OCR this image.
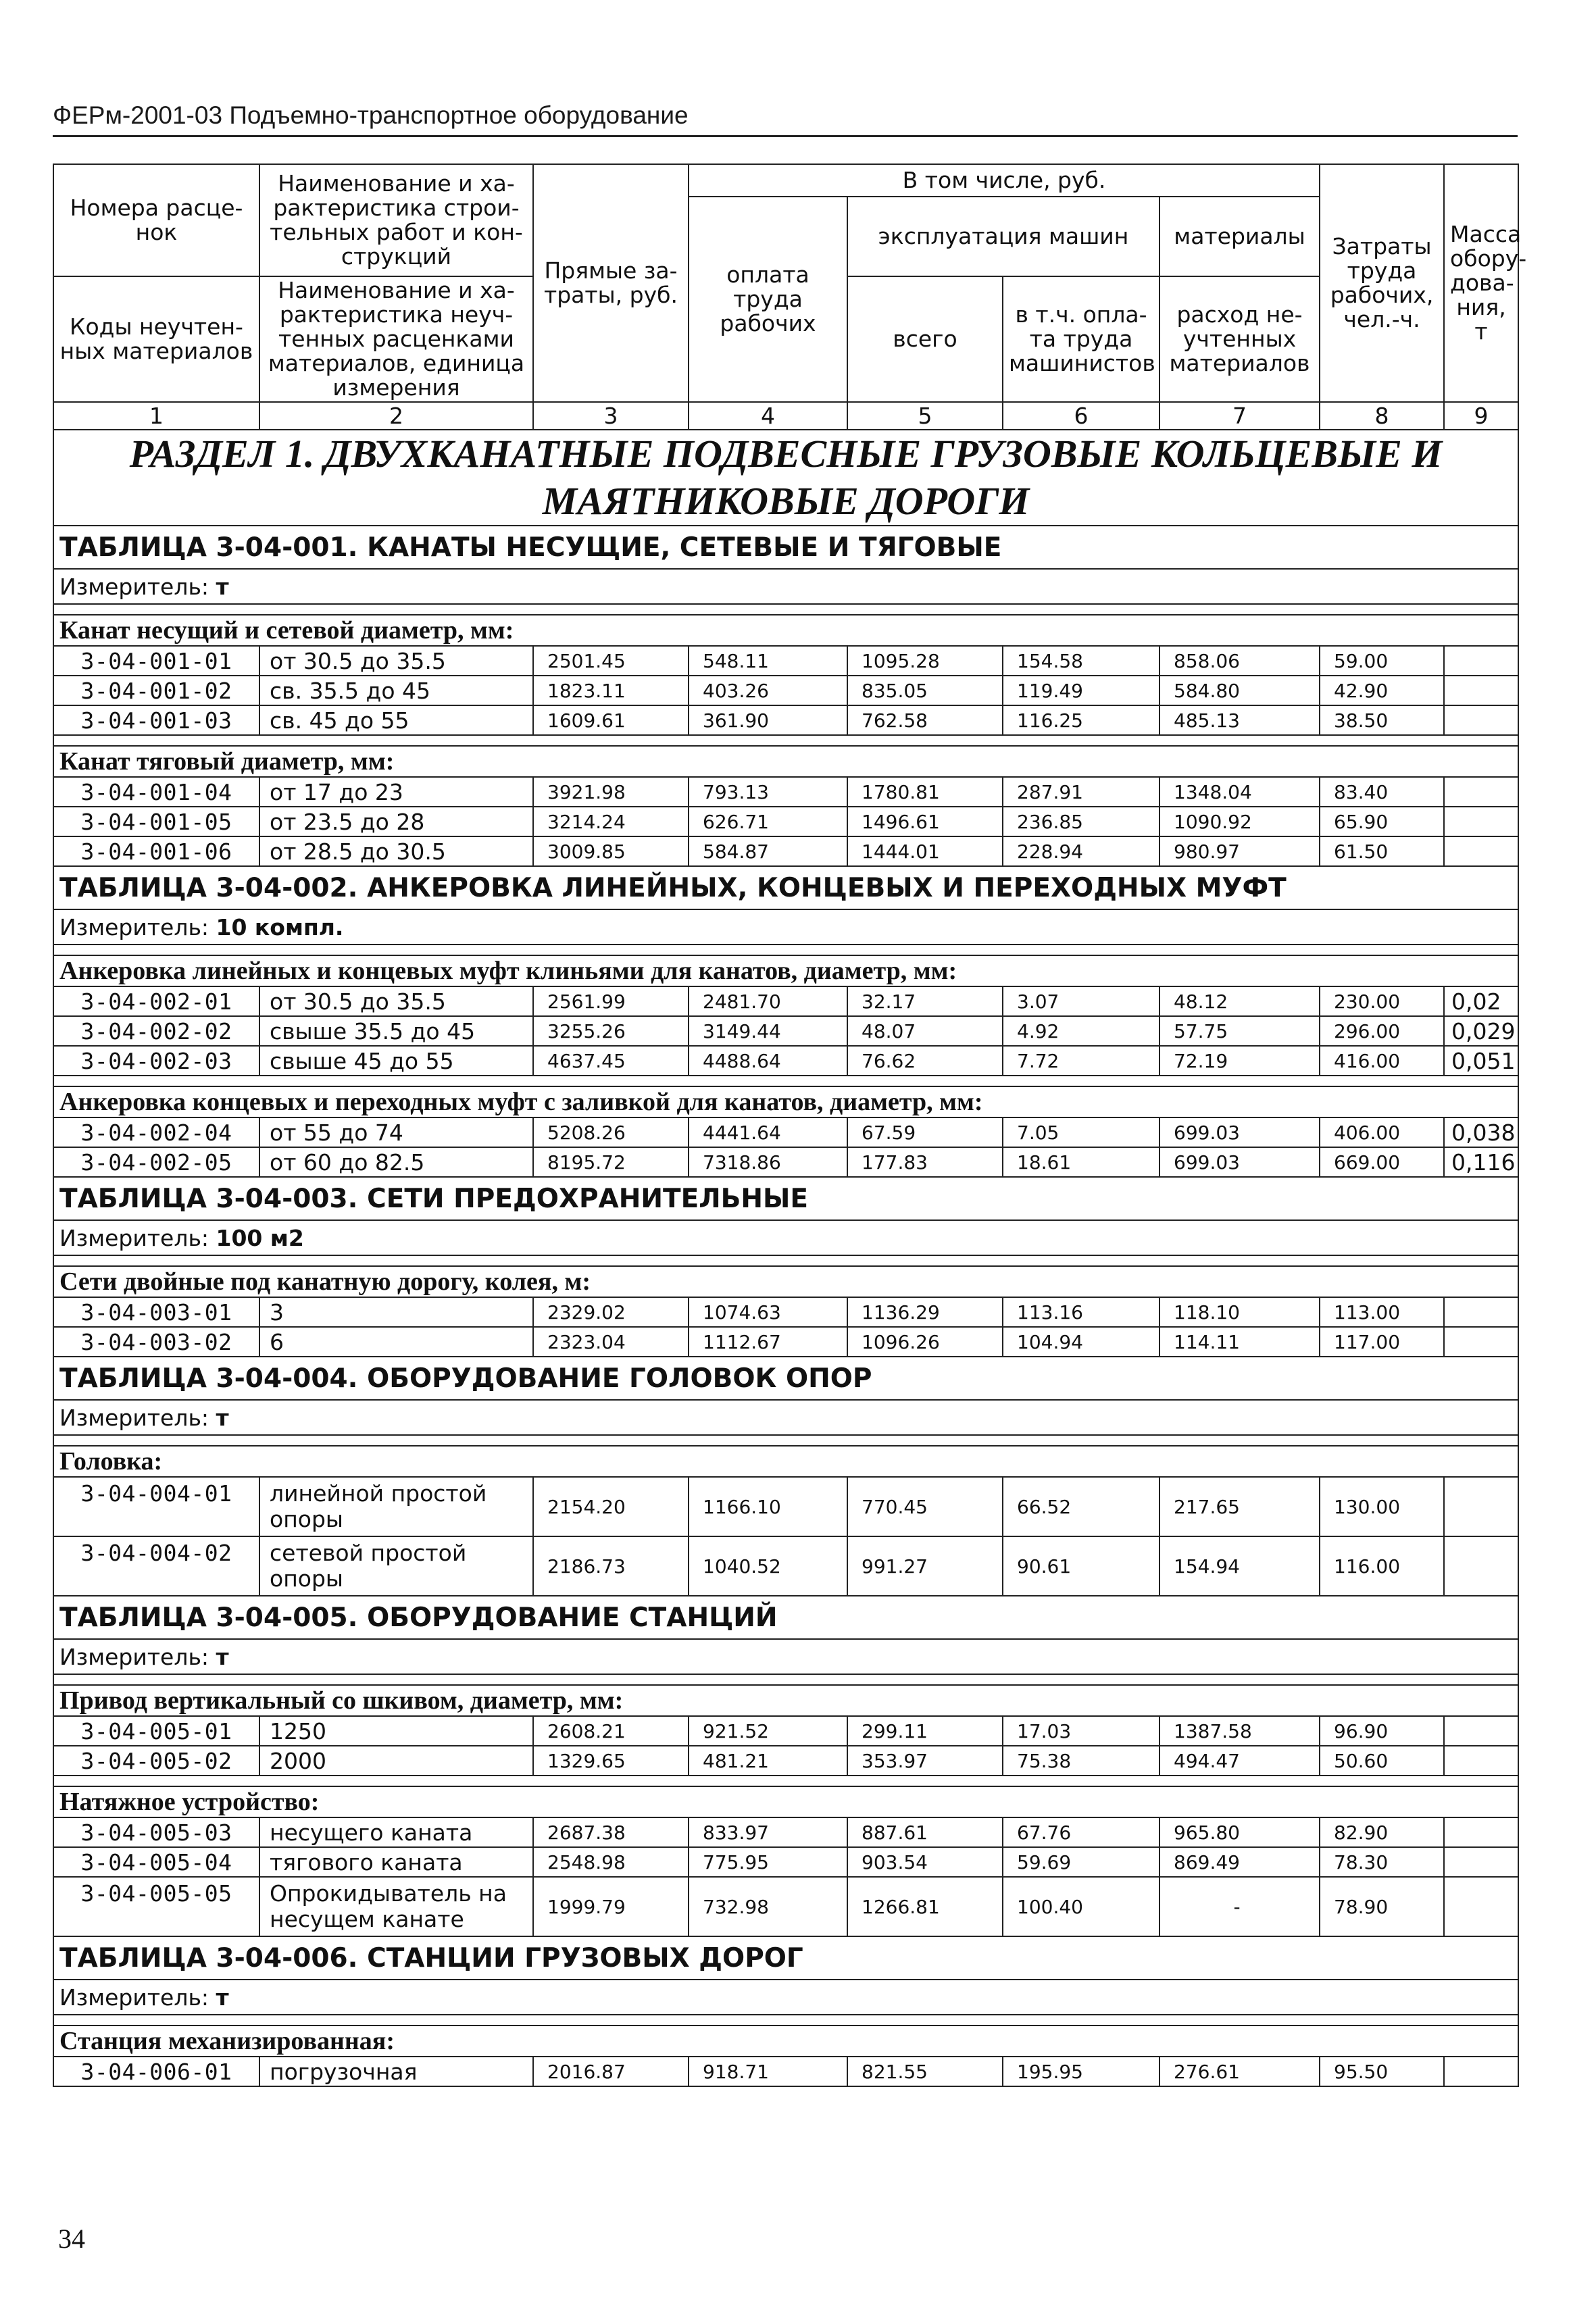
ФЕРм-2001-03 Подъемно-транспортное оборудование
Номера расце-нок	Наименование и ха-рактеристика строи-тельных работ и кон-струкций	Прямые за-траты, руб.	В том числе, руб.				Затраты труда рабочих, чел.-ч.	Масса обору-дова-ния, т
			оплата труда рабочих	эксплуатация машин		материалы		
Коды неучтен-ных материалов	Наименование и ха-рактеристика неуч-тенных расценками материалов, единица измерения			всего	в т.ч. опла-та труда машинистов	расход не-учтенных материалов		

1	2	3	4	5	6	7	8	9
РАЗДЕЛ 1. ДВУХКАНАТНЫЕ ПОДВЕСНЫЕ ГРУЗОВЫЕ КОЛЬЦЕВЫЕ И МАЯТНИКОВЫЕ ДОРОГИ								
ТАБЛИЦА 3-04-001. КАНАТЫ НЕСУЩИЕ, СЕТЕВЫЕ И ТЯГОВЫЕ								
Измеритель: т								

Канат несущий и сетевой диаметр, мм:								
3-04-001-01	от 30.5 до 35.5	2501.45	548.11	1095.28	154.58	858.06	59.00	
3-04-001-02	св. 35.5 до 45	1823.11	403.26	835.05	119.49	584.80	42.90	
3-04-001-03	св. 45 до 55	1609.61	361.90	762.58	116.25	485.13	38.50	

Канат тяговый диаметр, мм:								
3-04-001-04	от 17 до 23	3921.98	793.13	1780.81	287.91	1348.04	83.40	
3-04-001-05	от 23.5 до 28	3214.24	626.71	1496.61	236.85	1090.92	65.90	
3-04-001-06	от 28.5 до 30.5	3009.85	584.87	1444.01	228.94	980.97	61.50	
ТАБЛИЦА 3-04-002. АНКЕРОВКА ЛИНЕЙНЫХ, КОНЦЕВЫХ И ПЕРЕХОДНЫХ МУФТ								
Измеритель: 10 компл.								

Анкеровка линейных и концевых муфт клиньями для канатов, диаметр, мм:								
3-04-002-01	от 30.5 до 35.5	2561.99	2481.70	32.17	3.07	48.12	230.00	0,02
3-04-002-02	свыше 35.5 до 45	3255.26	3149.44	48.07	4.92	57.75	296.00	0,029
3-04-002-03	свыше 45 до 55	4637.45	4488.64	76.62	7.72	72.19	416.00	0,051

Анкеровка концевых и переходных муфт с заливкой для канатов, диаметр, мм:								
3-04-002-04	от 55 до 74	5208.26	4441.64	67.59	7.05	699.03	406.00	0,038
3-04-002-05	от 60 до 82.5	8195.72	7318.86	177.83	18.61	699.03	669.00	0,116
ТАБЛИЦА 3-04-003. СЕТИ ПРЕДОХРАНИТЕЛЬНЫЕ								
Измеритель: 100 м2								

Сети двойные под канатную дорогу, колея, м:								
3-04-003-01	3	2329.02	1074.63	1136.29	113.16	118.10	113.00	
3-04-003-02	6	2323.04	1112.67	1096.26	104.94	114.11	117.00	
ТАБЛИЦА 3-04-004. ОБОРУДОВАНИЕ ГОЛОВОК ОПОР								
Измеритель: т								

Головка:								
3-04-004-01	линейной простой опоры	2154.20	1166.10	770.45	66.52	217.65	130.00	
3-04-004-02	сетевой простой опоры	2186.73	1040.52	991.27	90.61	154.94	116.00	
ТАБЛИЦА 3-04-005. ОБОРУДОВАНИЕ СТАНЦИЙ								
Измеритель: т								

Привод вертикальный со шкивом, диаметр, мм:								
3-04-005-01	1250	2608.21	921.52	299.11	17.03	1387.58	96.90	
3-04-005-02	2000	1329.65	481.21	353.97	75.38	494.47	50.60	

Натяжное устройство:								
3-04-005-03	несущего каната	2687.38	833.97	887.61	67.76	965.80	82.90	
3-04-005-04	тягового каната	2548.98	775.95	903.54	59.69	869.49	78.30	
3-04-005-05	Опрокидыватель на несущем канате	1999.79	732.98	1266.81	100.40	-	78.90	
ТАБЛИЦА 3-04-006. СТАНЦИИ ГРУЗОВЫХ ДОРОГ								
Измеритель: т								

Станция механизированная:								
3-04-006-01	погрузочная	2016.87	918.71	821.55	195.95	276.61	95.50	
34
